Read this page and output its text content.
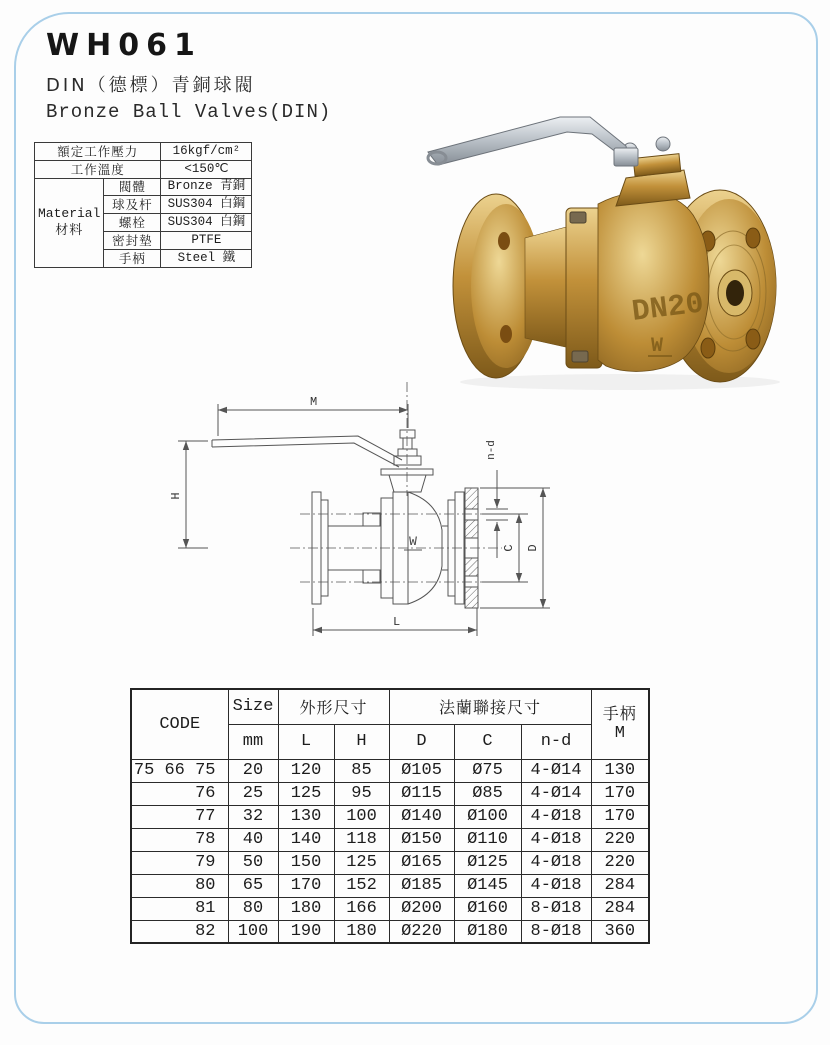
WH061
DIN（德標）青銅球閥
Bronze Ball Valves(DIN)
額定工作壓力		16kgf/cm²
工作溫度		<150℃
Material
材料	閥體	Bronze 青銅
	球及杆	SUS304 白鋼
	螺栓	SUS304 白鋼
	密封墊	PTFE
	手柄	Steel 鐵
DN20
W
M
H
n-d
C D
L
W
CODE	Size	外形尺寸		法蘭聯接尺寸			手柄
M

	mm	L	H	D	C	n-d	
75 66 75	20	120	85	Ø105	Ø75	4-Ø14	130
76	25	125	95	Ø115	Ø85	4-Ø14	170
77	32	130	100	Ø140	Ø100	4-Ø18	170
78	40	140	118	Ø150	Ø110	4-Ø18	220
79	50	150	125	Ø165	Ø125	4-Ø18	220
80	65	170	152	Ø185	Ø145	4-Ø18	284
81	80	180	166	Ø200	Ø160	8-Ø18	284
82	100	190	180	Ø220	Ø180	8-Ø18	360
